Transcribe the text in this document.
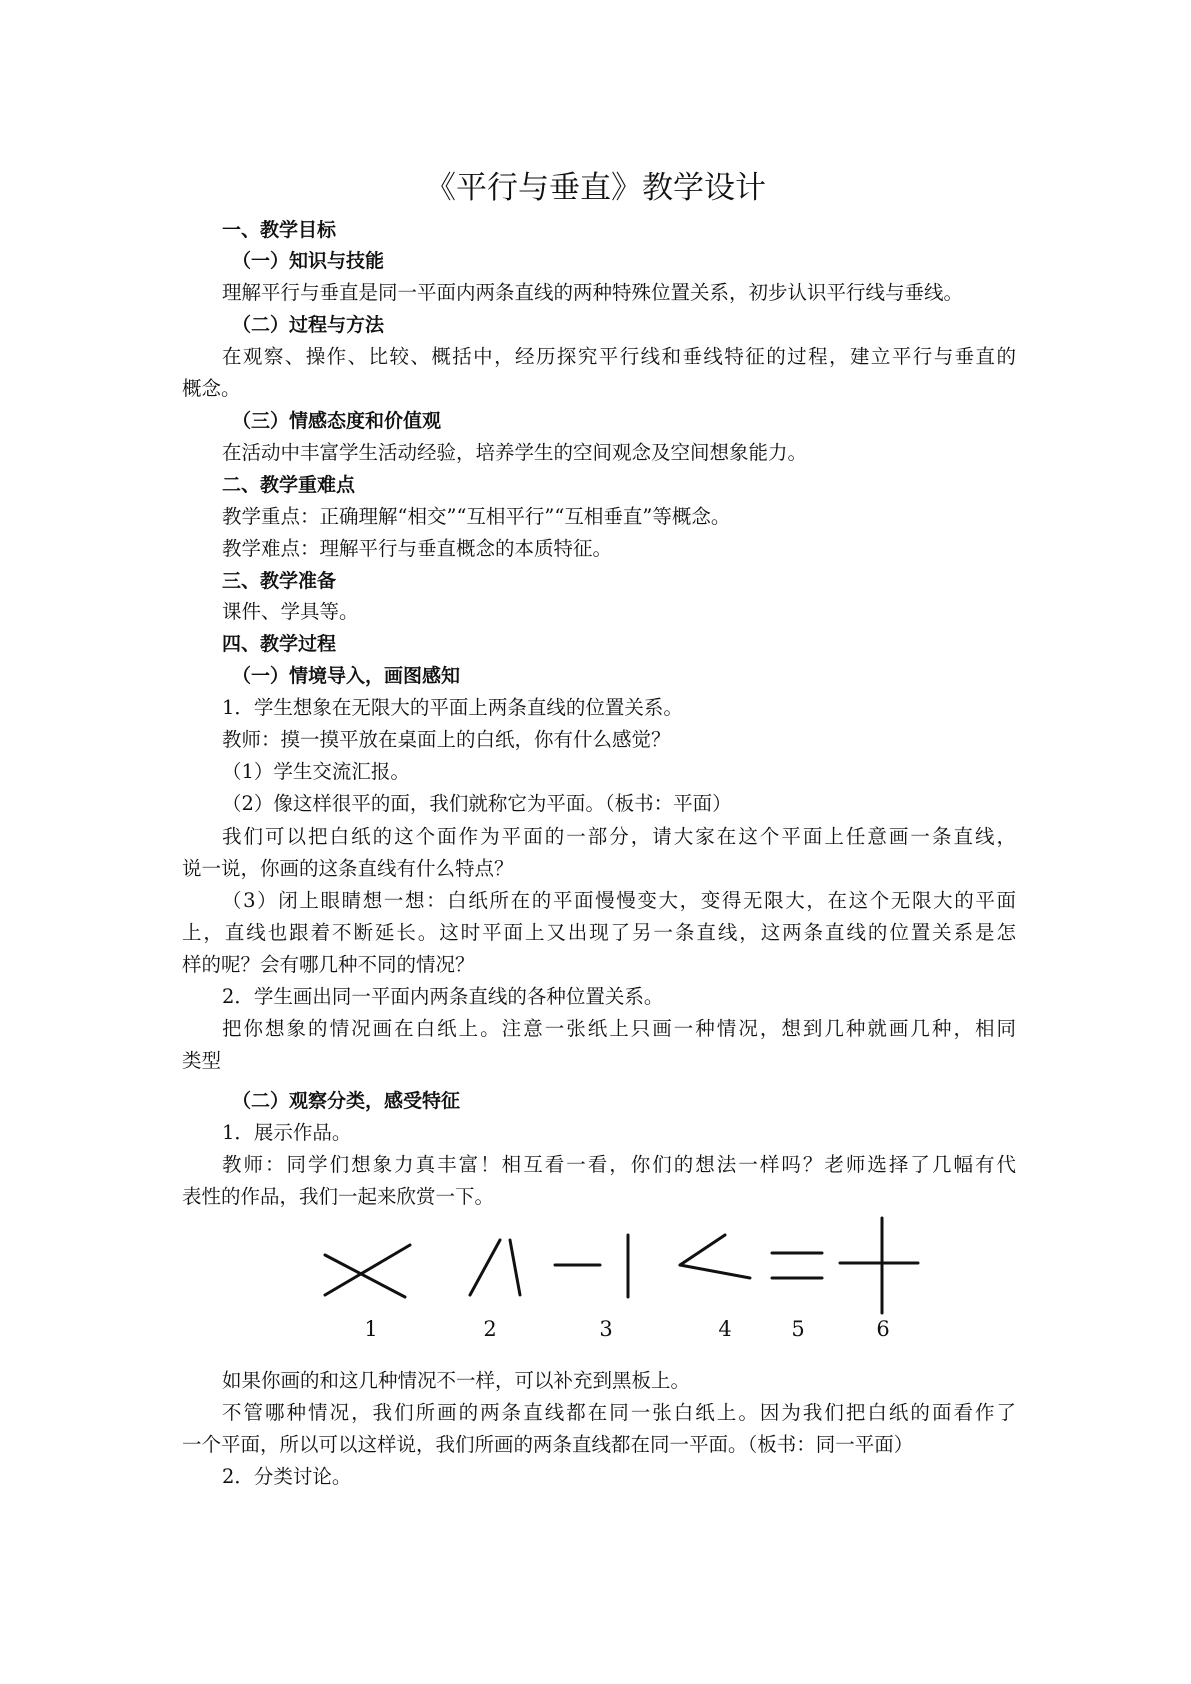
《平行与垂直》教学设计
一、教学目标
（一）知识与技能
理解平行与垂直是同一平面内两条直线的两种特殊位置关系，初步认识平行线与垂线。
（二）过程与方法
在观察、操作、比较、概括中，经历探究平行线和垂线特征的过程，建立平行与垂直的
概念。
（三）情感态度和价值观
在活动中丰富学生活动经验，培养学生的空间观念及空间想象能力。
二、教学重难点
教学重点：正确理解“相交”“互相平行”“互相垂直”等概念。
教学难点：理解平行与垂直概念的本质特征。
三、教学准备
课件、学具等。
四、教学过程
（一）情境导入，画图感知
1．学生想象在无限大的平面上两条直线的位置关系。
教师：摸一摸平放在桌面上的白纸，你有什么感觉？
（1）学生交流汇报。
（2）像这样很平的面，我们就称它为平面。（板书：平面）
我们可以把白纸的这个面作为平面的一部分，请大家在这个平面上任意画一条直线，
说一说，你画的这条直线有什么特点？
（3）闭上眼睛想一想：白纸所在的平面慢慢变大，变得无限大，在这个无限大的平面
上，直线也跟着不断延长。这时平面上又出现了另一条直线，这两条直线的位置关系是怎
样的呢？会有哪几种不同的情况？
2．学生画出同一平面内两条直线的各种位置关系。
把你想象的情况画在白纸上。注意一张纸上只画一种情况，想到几种就画几种，相同
类型
（二）观察分类，感受特征
1．展示作品。
教师：同学们想象力真丰富！相互看一看，你们的想法一样吗？老师选择了几幅有代
表性的作品，我们一起来欣赏一下。
1	2	3	4	5	6
如果你画的和这几种情况不一样，可以补充到黑板上。
不管哪种情况，我们所画的两条直线都在同一张白纸上。因为我们把白纸的面看作了
一个平面，所以可以这样说，我们所画的两条直线都在同一平面。（板书：同一平面）
2．分类讨论。
